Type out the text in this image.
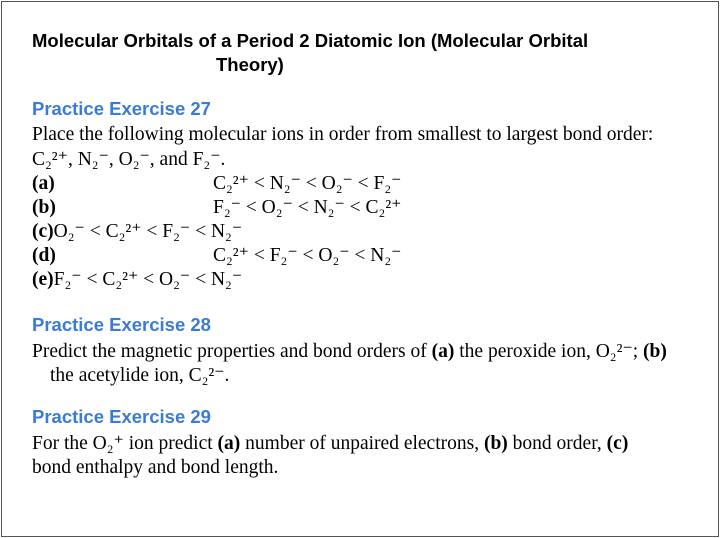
Molecular Orbitals of a Period 2 Diatomic Ion (Molecular Orbital
Theory)
Practice Exercise 27
Place the following molecular ions in order from smallest to largest bond order:
C₂²⁺, N₂⁻, O₂⁻, and F₂⁻.
(a)	C₂²⁺ < N₂⁻ < O₂⁻ < F₂⁻
(b)	F₂⁻ < O₂⁻ < N₂⁻ < C₂²⁺
(c)O₂⁻ < C₂²⁺ < F₂⁻ < N₂⁻
(d)	C₂²⁺ < F₂⁻ < O₂⁻ < N₂⁻
(e)F₂⁻ < C₂²⁺ < O₂⁻ < N₂⁻
Practice Exercise 28
Predict the magnetic properties and bond orders of (a) the peroxide ion, O₂²⁻; (b)
the acetylide ion, C₂²⁻.
Practice Exercise 29
For the O₂⁺ ion predict (a) number of unpaired electrons, (b) bond order, (c)
bond enthalpy and bond length.
